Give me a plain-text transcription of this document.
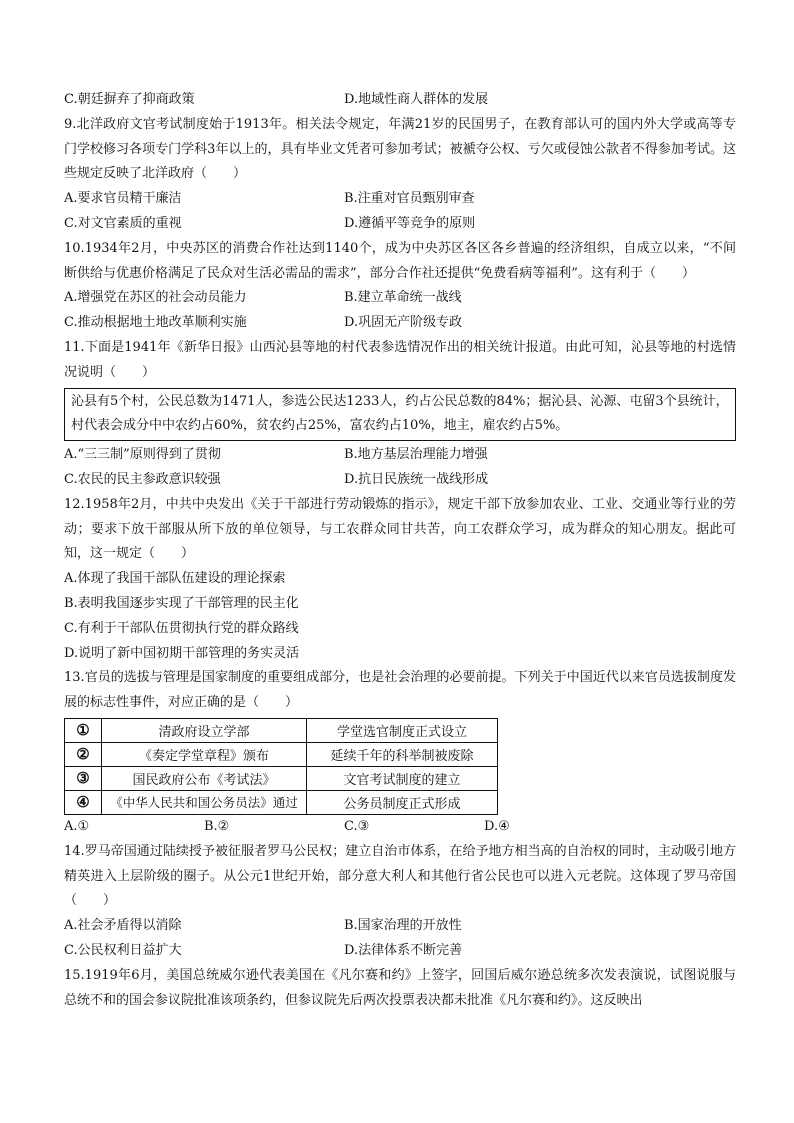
C.朝廷摒弃了抑商政策	D.地域性商人群体的发展
9.北洋政府文官考试制度始于1913年。相关法令规定，年满21岁的民国男子，在教育部认可的国内外大学或高等专门学校修习各项专门学科3年以上的，具有毕业文凭者可参加考试；被褫夺公权、亏欠或侵蚀公款者不得参加考试。这些规定反映了北洋政府（　　）
A.要求官员精干廉洁	B.注重对官员甄别审查
C.对文官素质的重视	D.遵循平等竞争的原则
10.1934年2月，中央苏区的消费合作社达到1140个，成为中央苏区各区各乡普遍的经济组织，自成立以来，“不间断供给与优惠价格满足了民众对生活必需品的需求”，部分合作社还提供“免费看病等福利”。这有利于（　　）
A.增强党在苏区的社会动员能力	B.建立革命统一战线
C.推动根据地土地改革顺利实施	D.巩固无产阶级专政
11.下面是1941年《新华日报》山西沁县等地的村代表参选情况作出的相关统计报道。由此可知，沁县等地的村选情况说明（　　）
沁县有5个村，公民总数为1471人，参选公民达1233人，约占公民总数的84%；据沁县、沁源、屯留3个县统计，村代表会成分中中农约占60%，贫农约占25%，富农约占10%，地主，雇农约占5%。
A.“三三制”原则得到了贯彻	B.地方基层治理能力增强
C.农民的民主参政意识较强	D.抗日民族统一战线形成
12.1958年2月，中共中央发出《关于干部进行劳动锻炼的指示》，规定干部下放参加农业、工业、交通业等行业的劳动；要求下放干部服从所下放的单位领导，与工农群众同甘共苦，向工农群众学习，成为群众的知心朋友。据此可知，这一规定（　　）
A.体现了我国干部队伍建设的理论探索
B.表明我国逐步实现了干部管理的民主化
C.有利于干部队伍贯彻执行党的群众路线
D.说明了新中国初期干部管理的务实灵活
13.官员的选拔与管理是国家制度的重要组成部分，也是社会治理的必要前提。下列关于中国近代以来官员选拔制度发展的标志性事件，对应正确的是（　　）
①	清政府设立学部	学堂选官制度正式设立
②	《奏定学堂章程》颁布	延续千年的科举制被废除
③	国民政府公布《考试法》	文官考试制度的建立
④	《中华人民共和国公务员法》通过	公务员制度正式形成
A.①	B.②	C.③	D.④
14.罗马帝国通过陆续授予被征服者罗马公民权；建立自治市体系，在给予地方相当高的自治权的同时，主动吸引地方精英进入上层阶级的圈子。从公元1世纪开始，部分意大利人和其他行省公民也可以进入元老院。这体现了罗马帝国（　　）
A.社会矛盾得以消除	B.国家治理的开放性
C.公民权利日益扩大	D.法律体系不断完善
15.1919年6月，美国总统威尔逊代表美国在《凡尔赛和约》上签字，回国后威尔逊总统多次发表演说，试图说服与总统不和的国会参议院批准该项条约，但参议院先后两次投票表决都未批准《凡尔赛和约》。这反映出
